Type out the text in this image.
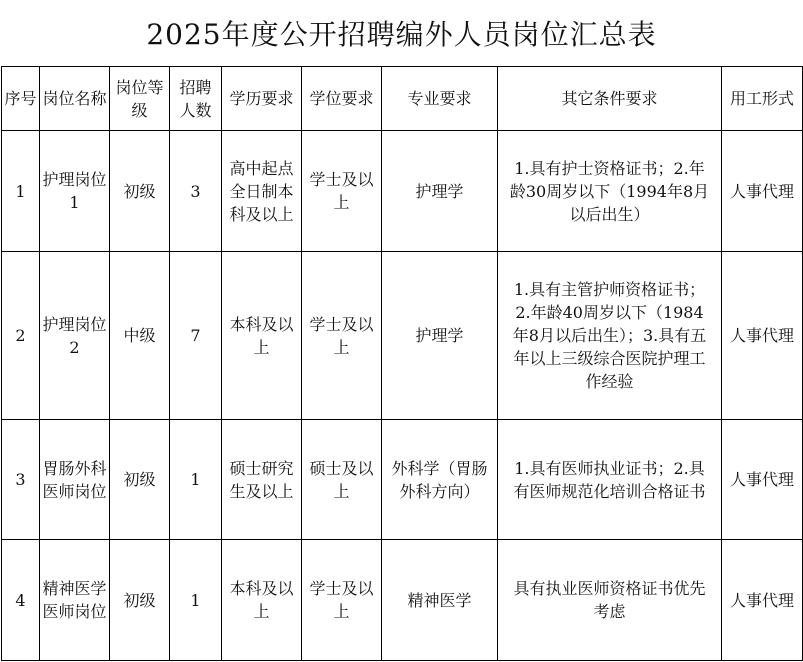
2025年度公开招聘编外人员岗位汇总表
序号	岗位名称	岗位等级	招聘人数	学历要求	学位要求	专业要求	其它条件要求	用工形式
1	护理岗位1	初级	3	高中起点全日制本科及以上	学士及以上	护理学	1.具有护士资格证书；2.年龄30周岁以下（1994年8月以后出生）	人事代理
2	护理岗位2	中级	7	本科及以上	学士及以上	护理学	1.具有主管护师资格证书；2.年龄40周岁以下（1984年8月以后出生）；3.具有五年以上三级综合医院护理工作经验	人事代理
3	胃肠外科医师岗位	初级	1	硕士研究生及以上	硕士及以上	外科学（胃肠外科方向）	1.具有医师执业证书；2.具有医师规范化培训合格证书	人事代理
4	精神医学医师岗位	初级	1	本科及以上	学士及以上	精神医学	具有执业医师资格证书优先考虑	人事代理
